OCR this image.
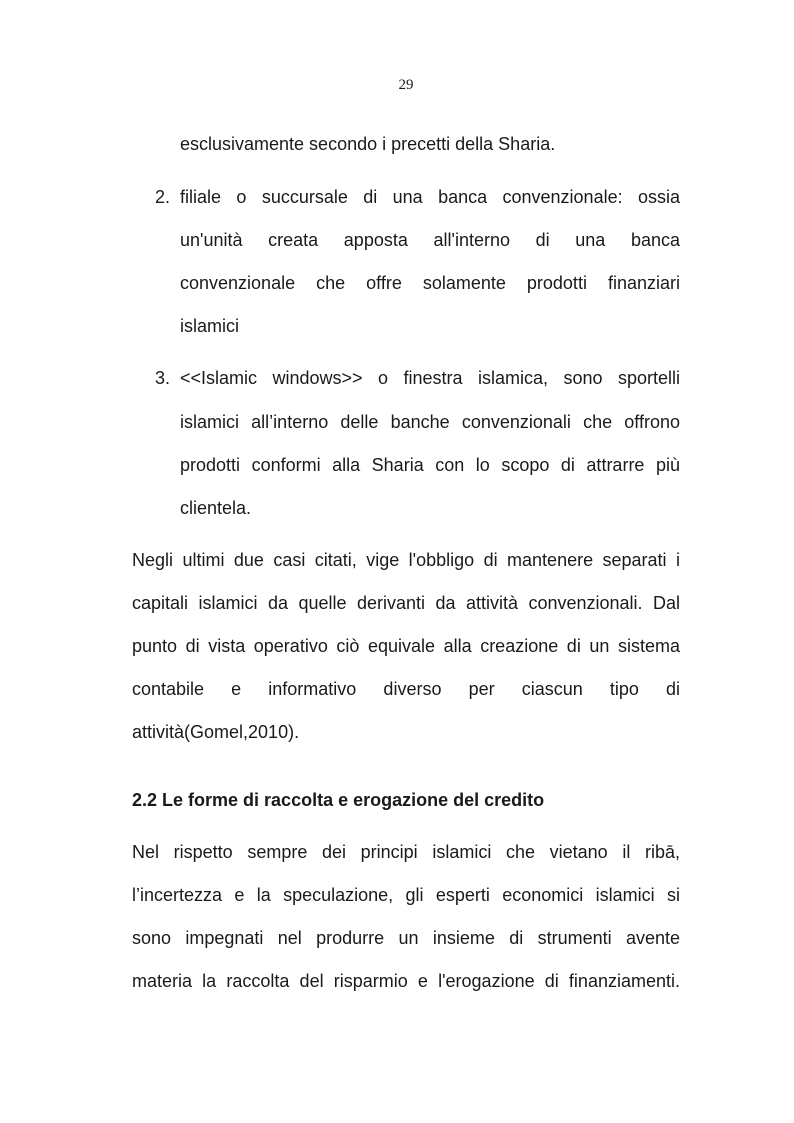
29
esclusivamente secondo i precetti della Sharia.
2. filiale o succursale di una banca convenzionale: ossia
un'unità creata apposta all'interno di una banca
convenzionale che offre solamente prodotti finanziari
islamici
3. <<Islamic windows>> o finestra islamica, sono sportelli
islamici all’interno delle banche convenzionali che offrono
prodotti conformi alla Sharia con lo scopo di attrarre più
clientela.
Negli ultimi due casi citati, vige l'obbligo di mantenere separati i
capitali islamici da quelle derivanti da attività convenzionali. Dal
punto di vista operativo ciò equivale alla creazione di un sistema
contabile e informativo diverso per ciascun tipo di
attività(Gomel,2010).
2.2 Le forme di raccolta e erogazione del credito
Nel rispetto sempre dei principi islamici che vietano il ribā,
l’incertezza e la speculazione, gli esperti economici islamici si
sono impegnati nel produrre un insieme di strumenti avente
materia la raccolta del risparmio e l'erogazione di finanziamenti.
